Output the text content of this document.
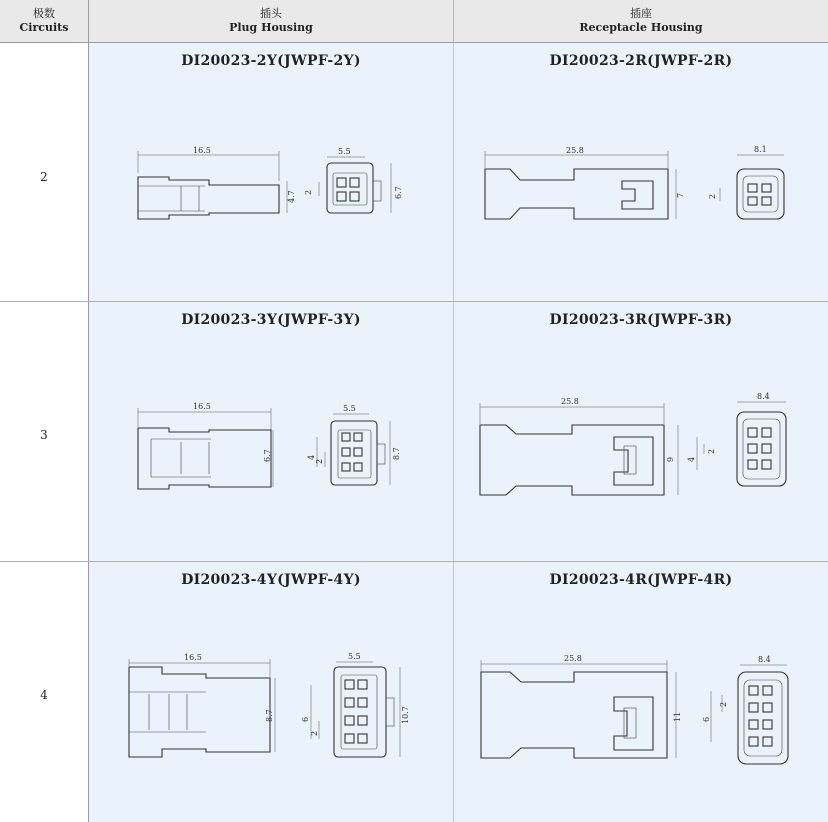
极数
Circuits
插头
Plug Housing
插座
Receptacle Housing
2
DI20023-2Y(JWPF-2Y)
16.5
4.7
5.5
2	6.7
DI20023-2R(JWPF-2R)
25.8
7
8.1
2
3
DI20023-3Y(JWPF-3Y)
16.5
6.7
5.5
4
2
8.7
DI20023-3R(JWPF-3R)
25.8
9
8.4
2
4
4
DI20023-4Y(JWPF-4Y)
16.5
8.7
5.5
6
2
10.7
DI20023-4R(JWPF-4R)
25.8
11
8.4
6
2
